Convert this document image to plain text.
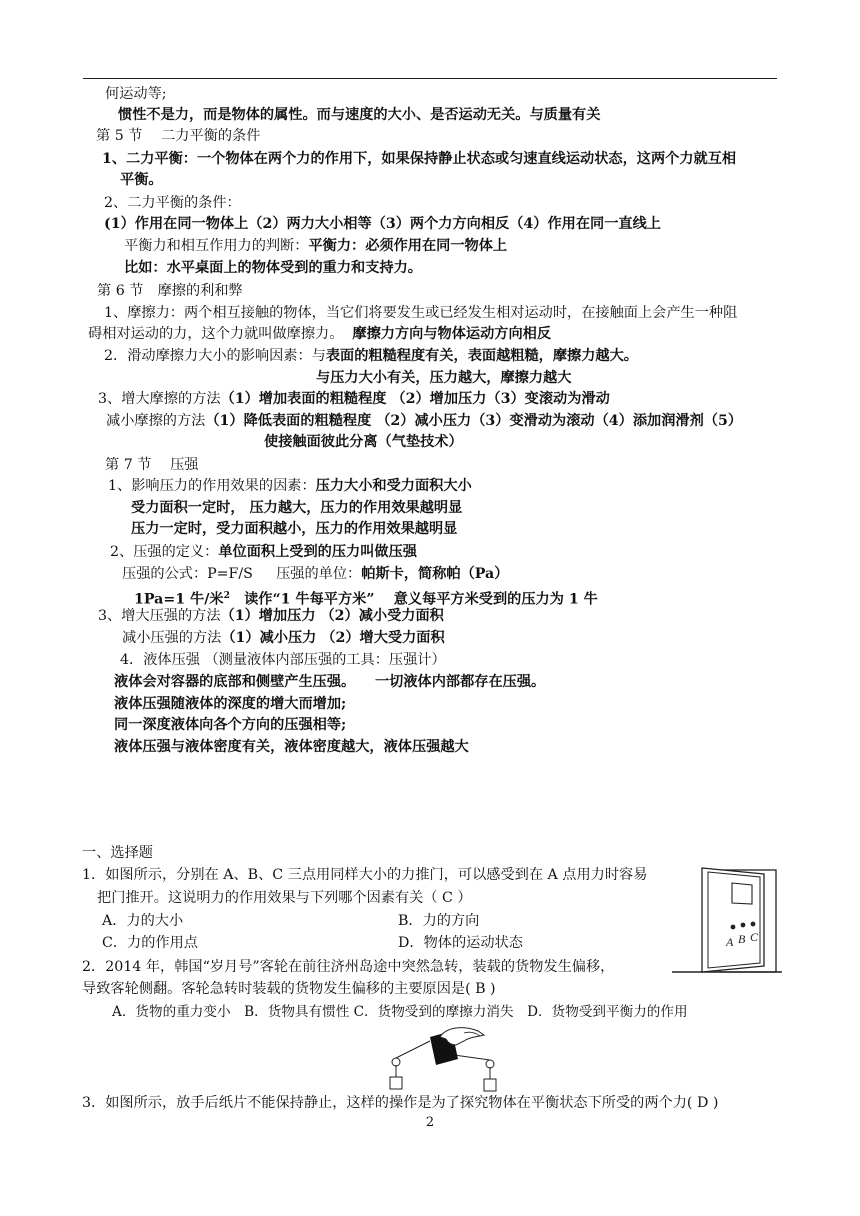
何运动等;
惯性不是力，而是物体的属性。而与速度的大小、是否运动无关。与质量有关
第 5 节　 二力平衡的条件
1、二力平衡：一个物体在两个力的作用下，如果保持静止状态或匀速直线运动状态，这两个力就互相
平衡。
2、二力平衡的条件：
(1）作用在同一物体上（2）两力大小相等（3）两个力方向相反（4）作用在同一直线上
平衡力和相互作用力的判断：平衡力：必须作用在同一物体上
比如：水平桌面上的物体受到的重力和支持力。
第 6 节　摩擦的利和弊
1、摩擦力：两个相互接触的物体，当它们将要发生或已经发生相对运动时，在接触面上会产生一种阻
碍相对运动的力，这个力就叫做摩擦力。 摩擦力方向与物体运动方向相反
2．滑动摩擦力大小的影响因素：与表面的粗糙程度有关，表面越粗糙，摩擦力越大。
与压力大小有关，压力越大，摩擦力越大
3、增大摩擦的方法（1）增加表面的粗糙程度 （2）增加压力（3）变滚动为滑动
减小摩擦的方法（1）降低表面的粗糙程度 （2）减小压力（3）变滑动为滚动（4）添加润滑剂（5）
使接触面彼此分离（气垫技术）
第 7 节　 压强
1、影响压力的作用效果的因素：压力大小和受力面积大小
受力面积一定时， 压力越大，压力的作用效果越明显
压力一定时，受力面积越小，压力的作用效果越明显
2、压强的定义：单位面积上受到的压力叫做压强
压强的公式：P=F/S 　 压强的单位：帕斯卡，简称帕（Pa）
1Pa=1 牛/米$^2$　读作“1 牛每平方米”　 意义每平方米受到的压力为 1 牛
3、增大压强的方法（1）增加压力 （2）减小受力面积
减小压强的方法（1）减小压力 （2）增大受力面积
4．液体压强 （测量液体内部压强的工具：压强计）
液体会对容器的底部和侧壁产生压强。 一切液体内部都存在压强。
液体压强随液体的深度的增大而增加;
同一深度液体向各个方向的压强相等;
液体压强与液体密度有关，液体密度越大，液体压强越大
一、选择题
1．如图所示，分别在 A、B、C 三点用同样大小的力推门，可以感受到在 A 点用力时容易
把门推开。这说明力的作用效果与下列哪个因素有关（ C ）
A．力的大小	B．力的方向
C．力的作用点	D．物体的运动状态
2．2014 年，韩国“岁月号”客轮在前往济州岛途中突然急转，装载的货物发生偏移，
导致客轮侧翻。客轮急转时装载的货物发生偏移的主要原因是( B )
A．货物的重力变小　B．货物具有惯性 C．货物受到的摩擦力消失　D．货物受到平衡力的作用
3．如图所示，放手后纸片不能保持静止，这样的操作是为了探究物体在平衡状态下所受的两个力( D )
A B C
2
